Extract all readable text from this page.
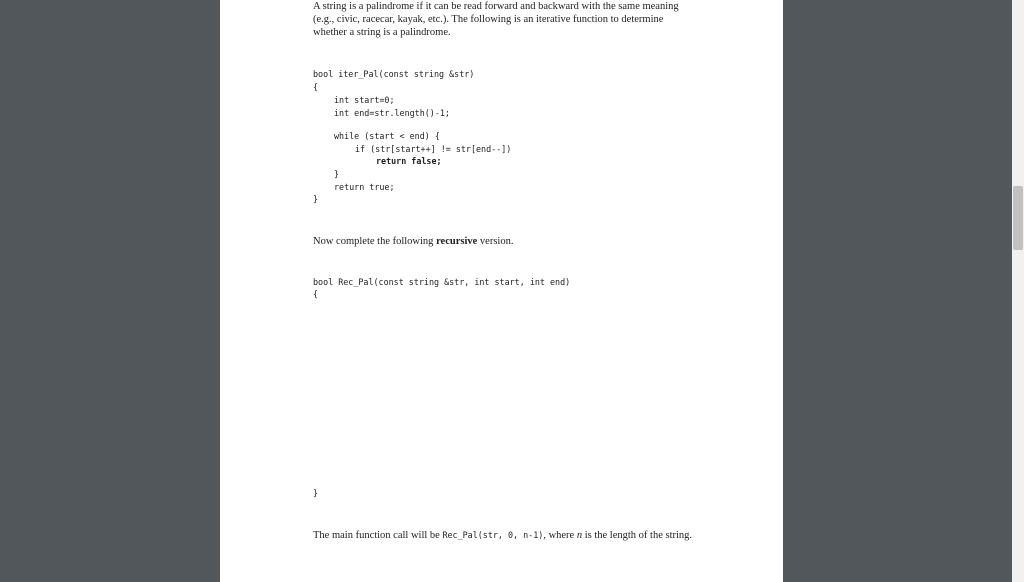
A string is a palindrome if it can be read forward and backward with the same meaning

(e.g., civic, racecar, kayak, etc.). The following is an iterative function to determine

whether a string is a palindrome.

bool iter_Pal(const string &str)

{

int start=0;

int end=str.length()-1;

while (start < end) {

if (str[start++] != str[end--])

return false;

}

return true;

}

Now complete the following recursive version.

bool Rec_Pal(const string &str, int start, int end)

{

}

The main function call will be Rec_Pal(str, 0, n-1), where n is the length of the string.
